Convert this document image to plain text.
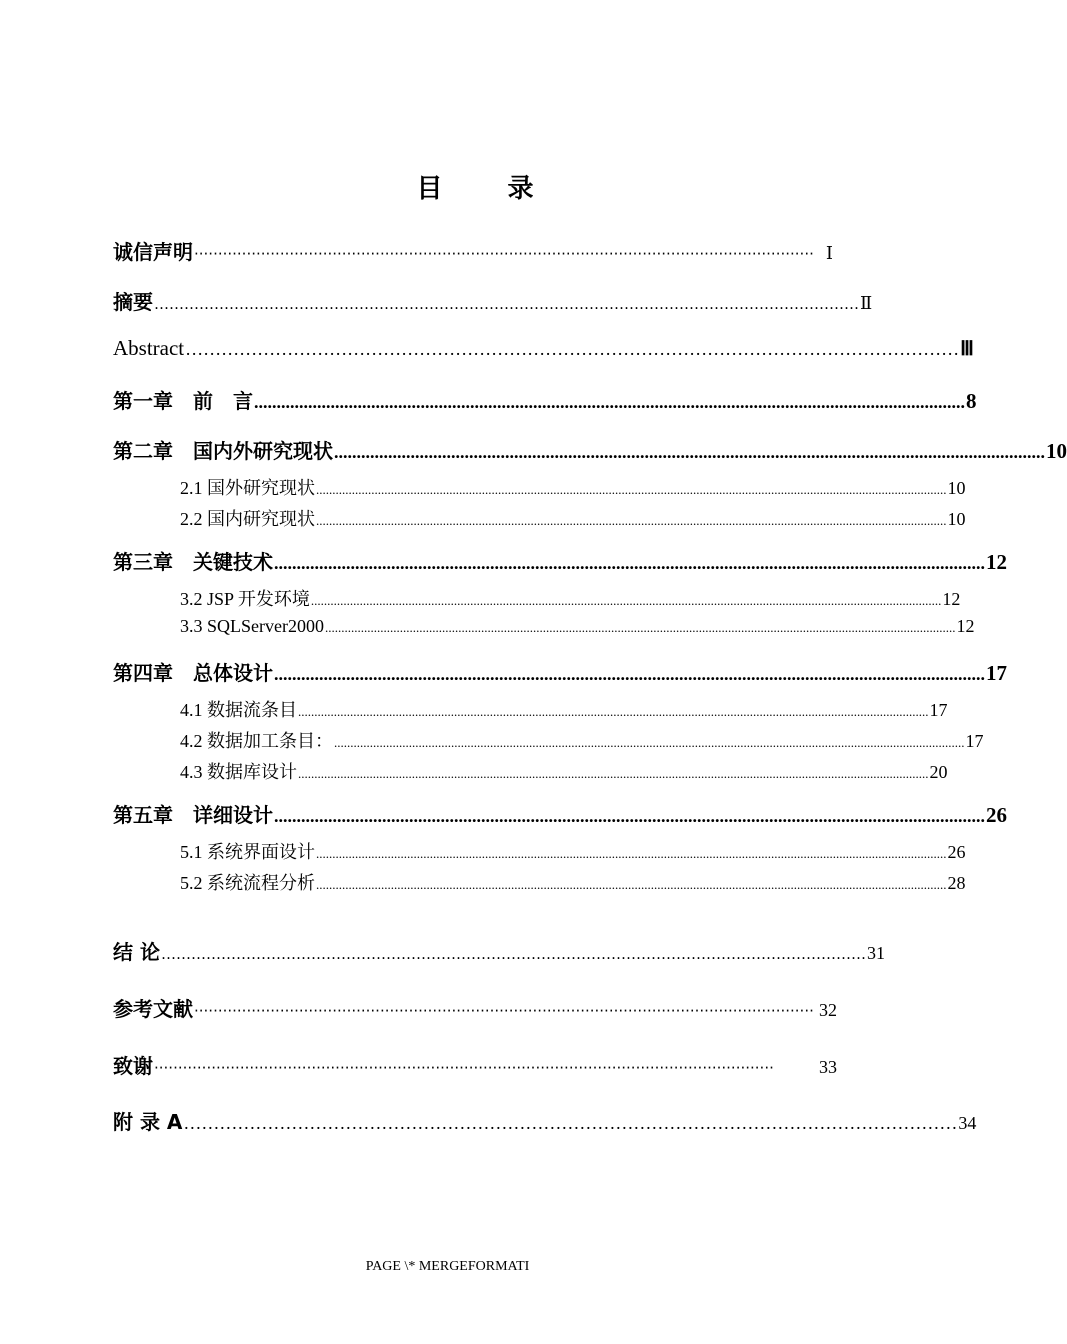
目 录
诚信声明 ·································································································································· Ⅰ
摘要 …………………………………………………………………………………………………………………………… Ⅱ
Abstract ………………………………………………………………………………………………………………… Ⅲ
第一章　前　言 .............................................................................................................................................................. 8
第二章　国内外研究现状 .............................................................................................................................................................. 10
2.1 国外研究现状 .................................................................................................................................................................................................. 10
2.2 国内研究现状 .................................................................................................................................................................................................. 10
第三章　关键技术 .............................................................................................................................................................. 12
3.2 JSP 开发环境 .................................................................................................................................................................................................. 12
3.3 SQLServer2000 .................................................................................................................................................................................................. 12
第四章　总体设计 .............................................................................................................................................................. 17
4.1 数据流条目 .................................................................................................................................................................................................. 17
4.2 数据加工条目： .................................................................................................................................................................................................. 17
4.3 数据库设计 .................................................................................................................................................................................................. 20
第五章　详细设计 .............................................................................................................................................................. 26
5.1 系统界面设计 .................................................................................................................................................................................................. 26
5.2 系统流程分析 .................................................................................................................................................................................................. 28
结 论 …………………………………………………………………………………………………………………………… 31
参考文献 ·································································································································· 32
致谢 ··································································································································	33
附 录 A ………………………………………………………………………………………………………………… 34
PAGE \* MERGEFORMATI
